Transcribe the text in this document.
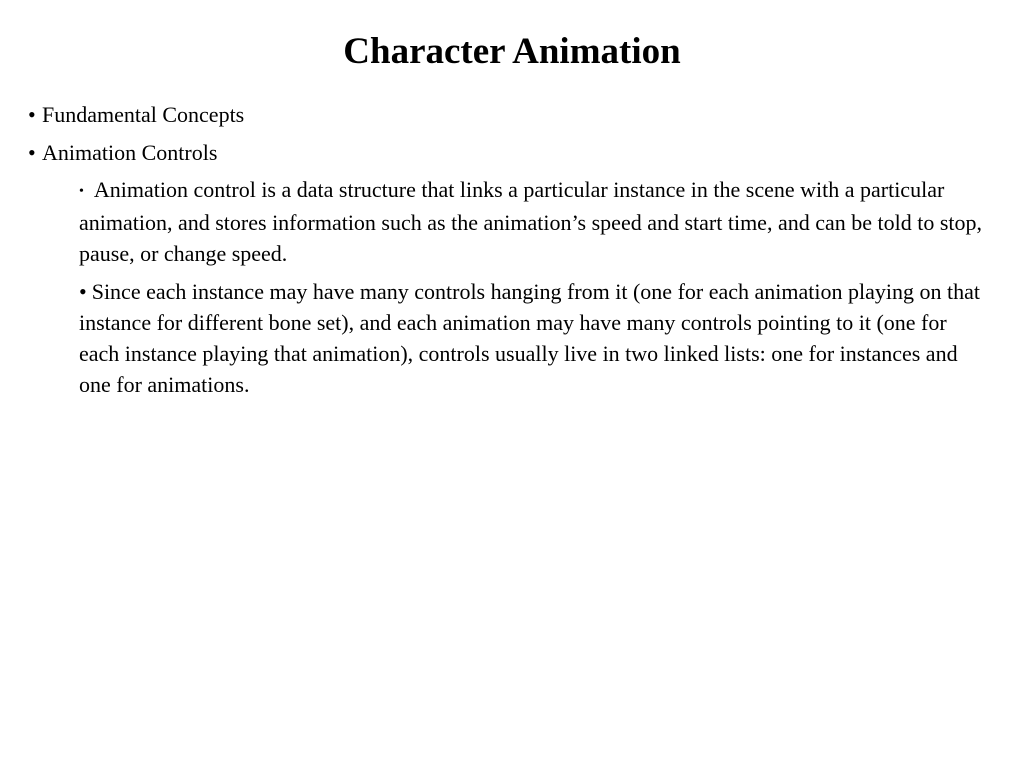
Character Animation
• Fundamental Concepts
• Animation Controls
• Animation control is a data structure that links a particular instance in the scene with a particular animation, and stores information such as the animation’s speed and start time, and can be told to stop, pause, or change speed.
• Since each instance may have many controls hanging from it (one for each animation playing on that instance for different bone set), and each animation may have many controls pointing to it (one for each instance playing that animation), controls usually live in two linked lists: one for instances and one for animations.
